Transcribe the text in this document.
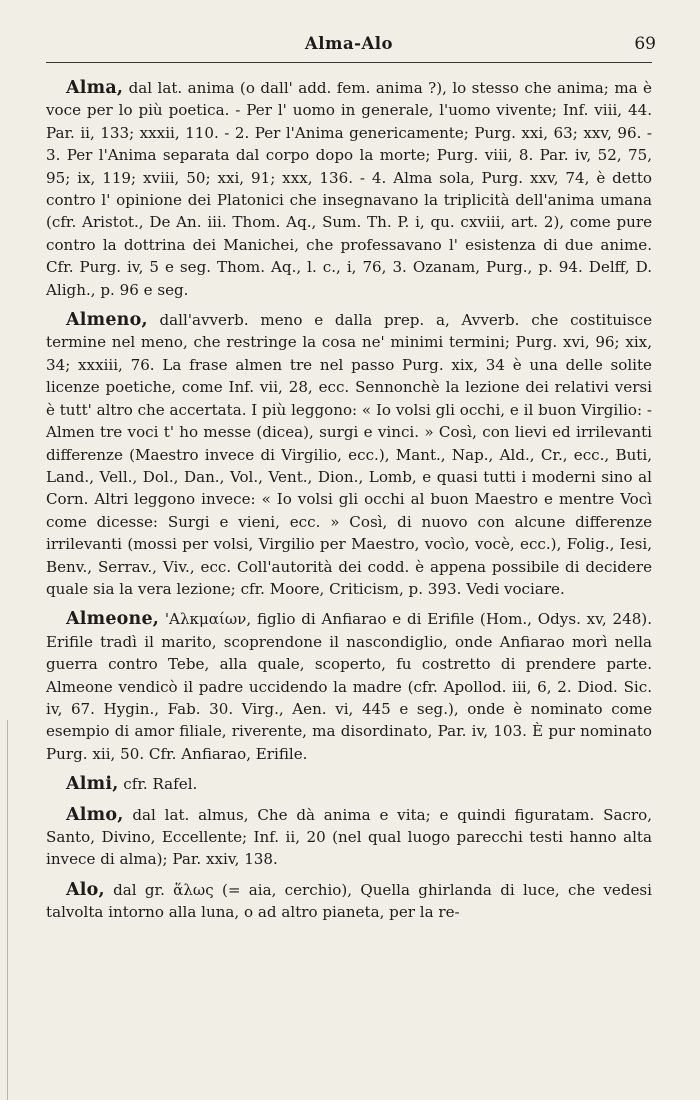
Alma-Alo	69

Alma, dal lat. anima (o dall' add. fem. anima ?), lo stesso che anima; ma è voce per lo più poetica. - Per l' uomo in generale, l'uomo vivente; Inf. viii, 44. Par. ii, 133; xxxii, 110. - 2. Per l'Anima genericamente; Purg. xxi, 63; xxv, 96. - 3. Per l'Anima separata dal corpo dopo la morte; Purg. viii, 8. Par. iv, 52, 75, 95; ix, 119; xviii, 50; xxi, 91; xxx, 136. - 4. Alma sola, Purg. xxv, 74, è detto contro l' opinione dei Platonici che insegnavano la triplicità dell'anima umana (cfr. Aristot., De An. iii. Thom. Aq., Sum. Th. P. i, qu. cxviii, art. 2), come pure contro la dottrina dei Manichei, che professavano l' esistenza di due anime. Cfr. Purg. iv, 5 e seg. Thom. Aq., l. c., i, 76, 3. Ozanam, Purg., p. 94. Delff, D. Aligh., p. 96 e seg.

Almeno, dall'avverb. meno e dalla prep. a, Avverb. che costituisce termine nel meno, che restringe la cosa ne' minimi termini; Purg. xvi, 96; xix, 34; xxxiii, 76. La frase almen tre nel passo Purg. xix, 34 è una delle solite licenze poetiche, come Inf. vii, 28, ecc. Sennonchè la lezione dei relativi versi è tutt' altro che accertata. I più leggono: « Io volsi gli occhi, e il buon Virgilio: - Almen tre voci t' ho messe (dicea), surgi e vinci. » Così, con lievi ed irrilevanti differenze (Maestro invece di Virgilio, ecc.), Mant., Nap., Ald., Cr., ecc., Buti, Land., Vell., Dol., Dan., Vol., Vent., Dion., Lomb, e quasi tutti i moderni sino al Corn. Altri leggono invece: « Io volsi gli occhi al buon Maestro e mentre Vocì come dicesse: Surgi e vieni, ecc. » Così, di nuovo con alcune differenze irrilevanti (mossi per volsi, Virgilio per Maestro, vocìo, vocè, ecc.), Folig., Iesi, Benv., Serrav., Viv., ecc. Coll'autorità dei codd. è appena possibile di decidere quale sia la vera lezione; cfr. Moore, Criticism, p. 393. Vedi vociare.

Almeone, 'Αλκμαίων, figlio di Anfiarao e di Erifile (Hom., Odys. xv, 248). Erifile tradì il marito, scoprendone il nascondiglio, onde Anfiarao morì nella guerra contro Tebe, alla quale, scoperto, fu costretto di prendere parte. Almeone vendicò il padre uccidendo la madre (cfr. Apollod. iii, 6, 2. Diod. Sic. iv, 67. Hygin., Fab. 30. Virg., Aen. vi, 445 e seg.), onde è nominato come esempio di amor filiale, riverente, ma disordinato, Par. iv, 103. È pur nominato Purg. xii, 50. Cfr. Anfiarao, Erifile.

Almi, cfr. Rafel.

Almo, dal lat. almus, Che dà anima e vita; e quindi figuratam. Sacro, Santo, Divino, Eccellente; Inf. ii, 20 (nel qual luogo parecchi testi hanno alta invece di alma); Par. xxiv, 138.

Alo, dal gr. ἅλως (= aia, cerchio), Quella ghirlanda di luce, che vedesi talvolta intorno alla luna, o ad altro pianeta, per la re-
